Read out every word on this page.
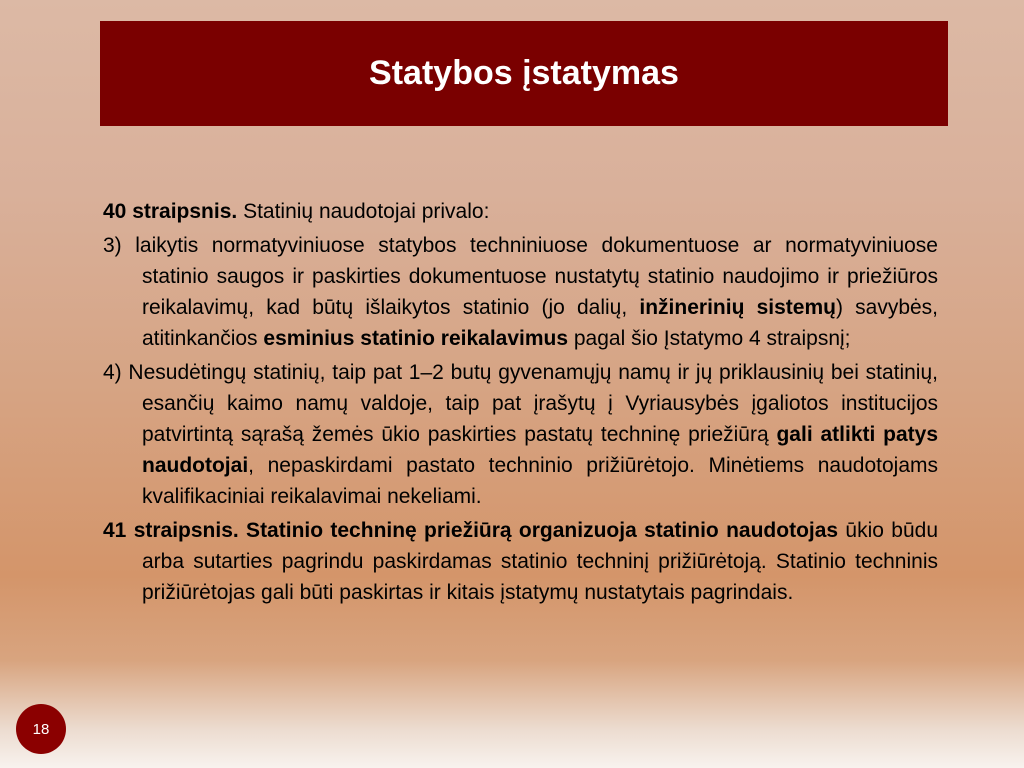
Statybos įstatymas

40 straipsnis. Statinių naudotojai privalo:

3) laikytis normatyviniuose statybos techniniuose dokumentuose ar normatyviniuose statinio saugos ir paskirties dokumentuose nustatytų statinio naudojimo ir priežiūros reikalavimų, kad būtų išlaikytos statinio (jo dalių, inžinerinių sistemų) savybės, atitinkančios esminius statinio reikalavimus pagal šio Įstatymo 4 straipsnį;

4) Nesudėtingų statinių, taip pat 1–2 butų gyvenamųjų namų ir jų priklausinių bei statinių, esančių kaimo namų valdoje, taip pat įrašytų į Vyriausybės įgaliotos institucijos patvirtintą sąrašą žemės ūkio paskirties pastatų techninę priežiūrą gali atlikti patys naudotojai, nepaskirdami pastato techninio prižiūrėtojo. Minėtiems naudotojams kvalifikaciniai reikalavimai nekeliami.

41 straipsnis. Statinio techninę priežiūrą organizuoja statinio naudotojas ūkio būdu arba sutarties pagrindu paskirdamas statinio techninį prižiūrėtoją. Statinio techninis prižiūrėtojas gali būti paskirtas ir kitais įstatymų nustatytais pagrindais.

18
